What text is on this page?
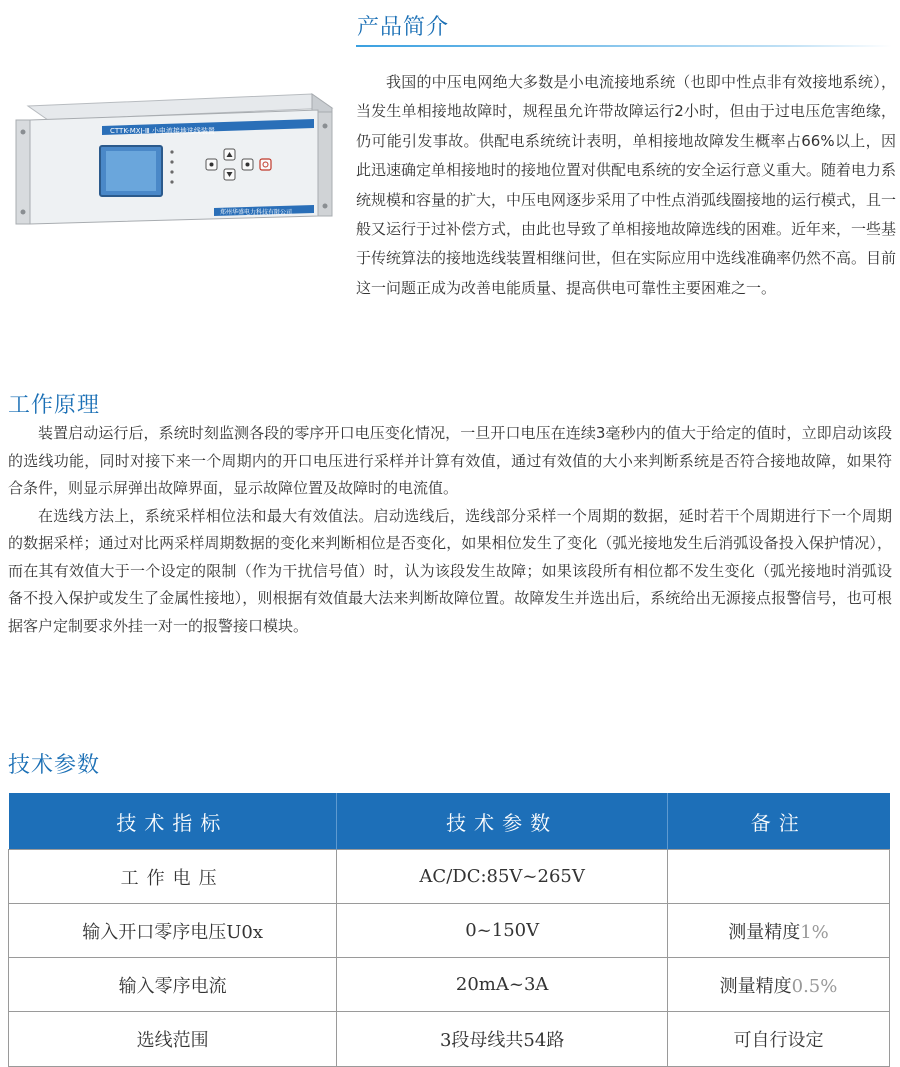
产品简介

我国的中压电网绝大多数是小电流接地系统（也即中性点非有效接地系统），当发生单相接地故障时，规程虽允许带故障运行2小时，但由于过电压危害绝缘，仍可能引发事故。供配电系统统计表明，单相接地故障发生概率占66%以上，因此迅速确定单相接地时的接地位置对供配电系统的安全运行意义重大。随着电力系统规模和容量的扩大，中压电网逐步采用了中性点消弧线圈接地的运行模式，且一般又运行于过补偿方式，由此也导致了单相接地故障选线的困难。近年来，一些基于传统算法的接地选线装置相继问世，但在实际应用中选线准确率仍然不高。目前这一问题正成为改善电能质量、提高供电可靠性主要困难之一。

CTTK-MXJ-Ⅲ 小电流接地选线装置
郑州华盛电力科技有限公司
工作原理

装置启动运行后，系统时刻监测各段的零序开口电压变化情况，一旦开口电压在连续3毫秒内的值大于给定的值时，立即启动该段的选线功能，同时对接下来一个周期内的开口电压进行采样并计算有效值，通过有效值的大小来判断系统是否符合接地故障，如果符合条件，则显示屏弹出故障界面，显示故障位置及故障时的电流值。

在选线方法上，系统采样相位法和最大有效值法。启动选线后，选线部分采样一个周期的数据，延时若干个周期进行下一个周期的数据采样；通过对比两采样周期数据的变化来判断相位是否变化，如果相位发生了变化（弧光接地发生后消弧设备投入保护情况），而在其有效值大于一个设定的限制（作为干扰信号值）时，认为该段发生故障；如果该段所有相位都不发生变化（弧光接地时消弧设备不投入保护或发生了金属性接地），则根据有效值最大法来判断故障位置。故障发生并选出后，系统给出无源接点报警信号，也可根据客户定制要求外挂一对一的报警接口模块。

技术参数
技术指标	技术参数	备注
工作电压	AC/DC:85V~265V	
输入开口零序电压U0x	0~150V	测量精度1%
输入零序电流	20mA~3A	测量精度0.5%
选线范围	3段母线共54路	可自行设定
